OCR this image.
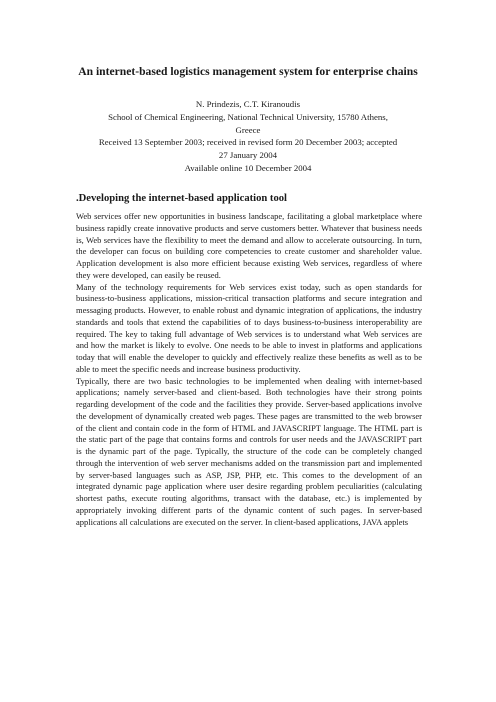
An internet-based logistics management system for enterprise chains
N. Prindezis, C.T. Kiranoudis
School of Chemical Engineering, National Technical University, 15780 Athens,
Greece
Received 13 September 2003; received in revised form 20 December 2003; accepted
27 January 2004
Available online 10 December 2004
.Developing the internet-based application tool

Web services offer new opportunities in business landscape, facilitating a global marketplace where business rapidly create innovative products and serve customers better. Whatever that business needs is, Web services have the flexibility to meet the demand and allow to accelerate outsourcing. In turn, the developer can focus on building core competencies to create customer and shareholder value. Application development is also more efficient because existing Web services, regardless of where they were developed, can easily be reused.

Many of the technology requirements for Web services exist today, such as open standards for business-to-business applications, mission-critical transaction platforms and secure integration and messaging products. However, to enable robust and dynamic integration of applications, the industry standards and tools that extend the capabilities of to days business-to-business interoperability are required. The key to taking full advantage of Web services is to understand what Web services are and how the market is likely to evolve. One needs to be able to invest in platforms and applications today that will enable the developer to quickly and effectively realize these benefits as well as to be able to meet the specific needs and increase business productivity.

Typically, there are two basic technologies to be implemented when dealing with internet-based applications; namely server-based and client-based. Both technologies have their strong points regarding development of the code and the facilities they provide. Server-based applications involve the development of dynamically created web pages. These pages are transmitted to the web browser of the client and contain code in the form of HTML and JAVASCRIPT language. The HTML part is the static part of the page that contains forms and controls for user needs and the JAVASCRIPT part is the dynamic part of the page. Typically, the structure of the code can be completely changed through the intervention of web server mechanisms added on the transmission part and implemented by server-based languages such as ASP, JSP, PHP, etc. This comes to the development of an integrated dynamic page application where user desire regarding problem peculiarities (calculating shortest paths, execute routing algorithms, transact with the database, etc.) is implemented by appropriately invoking different parts of the dynamic content of such pages. In server-based applications all calculations are executed on the server. In client-based applications, JAVA applets
